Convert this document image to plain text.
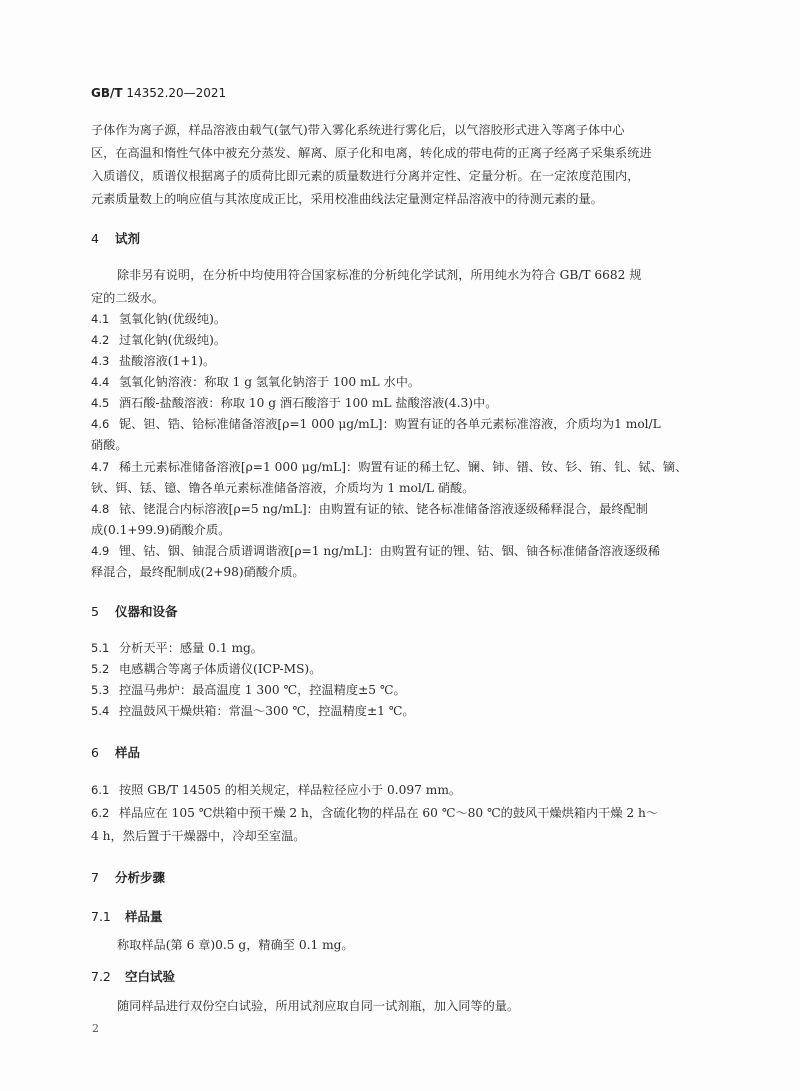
GB/T 14352.20—2021
子体作为离子源，样品溶液由载气(氩气)带入雾化系统进行雾化后，以气溶胶形式进入等离子体中心
区，在高温和惰性气体中被充分蒸发、解离、原子化和电离，转化成的带电荷的正离子经离子采集系统进
入质谱仪，质谱仪根据离子的质荷比即元素的质量数进行分离并定性、定量分析。在一定浓度范围内，
元素质量数上的响应值与其浓度成正比，采用校准曲线法定量测定样品溶液中的待测元素的量。
4 试剂
除非另有说明，在分析中均使用符合国家标准的分析纯化学试剂，所用纯水为符合 GB/T 6682 规
定的二级水。
4.1 氢氧化钠(优级纯)。
4.2 过氧化钠(优级纯)。
4.3 盐酸溶液(1+1)。
4.4 氢氧化钠溶液：称取 1 g 氢氧化钠溶于 100 mL 水中。
4.5 酒石酸-盐酸溶液：称取 10 g 酒石酸溶于 100 mL 盐酸溶液(4.3)中。
4.6 铌、钽、锆、铪标准储备溶液[ρ=1 000 μg/mL]：购置有证的各单元素标准溶液，介质均为1 mol/L
硝酸。
4.7 稀土元素标准储备溶液[ρ=1 000 μg/mL]：购置有证的稀土钇、镧、铈、镨、钕、钐、铕、钆、铽、镝、
钬、铒、铥、镱、镥各单元素标准储备溶液，介质均为 1 mol/L 硝酸。
4.8 铱、铑混合内标溶液[ρ=5 ng/mL]：由购置有证的铱、铑各标准储备溶液逐级稀释混合，最终配制
成(0.1+99.9)硝酸介质。
4.9 锂、钴、铟、铀混合质谱调谐液[ρ=1 ng/mL]：由购置有证的锂、钴、铟、铀各标准储备溶液逐级稀
释混合，最终配制成(2+98)硝酸介质。
5 仪器和设备
5.1 分析天平：感量 0.1 mg。
5.2 电感耦合等离子体质谱仪(ICP-MS)。
5.3 控温马弗炉：最高温度 1 300 ℃，控温精度±5 ℃。
5.4 控温鼓风干燥烘箱：常温～300 ℃，控温精度±1 ℃。
6 样品
6.1 按照 GB/T 14505 的相关规定，样品粒径应小于 0.097 mm。
6.2 样品应在 105 ℃烘箱中预干燥 2 h，含硫化物的样品在 60 ℃～80 ℃的鼓风干燥烘箱内干燥 2 h～
4 h，然后置于干燥器中，冷却至室温。
7 分析步骤
7.1 样品量
称取样品(第 6 章)0.5 g，精确至 0.1 mg。
7.2 空白试验
随同样品进行双份空白试验，所用试剂应取自同一试剂瓶，加入同等的量。
2
